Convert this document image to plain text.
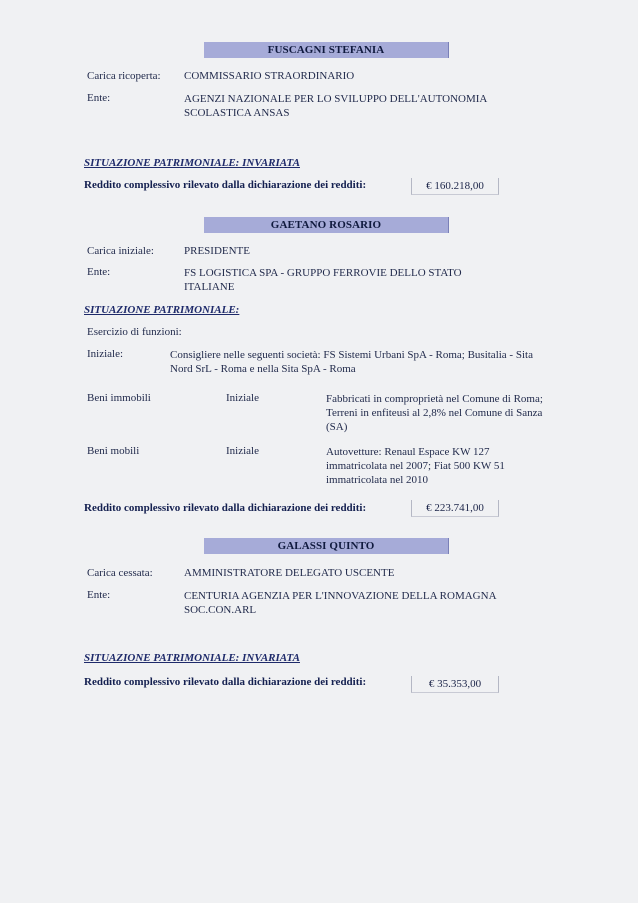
FUSCAGNI STEFANIA
Carica ricoperta: COMMISSARIO STRAORDINARIO
Ente:	AGENZI NAZIONALE PER LO SVILUPPO DELL'AUTONOMIA SCOLASTICA ANSAS
SITUAZIONE PATRIMONIALE: INVARIATA
Reddito complessivo rilevato dalla dichiarazione dei redditi:	€ 160.218,00
GAETANO ROSARIO
Carica iniziale:	PRESIDENTE
Ente:	FS LOGISTICA SPA - GRUPPO FERROVIE DELLO STATO ITALIANE
SITUAZIONE PATRIMONIALE:
Esercizio di funzioni:
Iniziale:	Consigliere nelle seguenti società: FS Sistemi Urbani SpA - Roma; Busitalia - Sita Nord SrL - Roma e nella Sita SpA - Roma
Beni immobili	Iniziale	Fabbricati in comproprietà nel Comune di Roma; Terreni in enfiteusi al 2,8% nel Comune di Sanza (SA)
Beni mobili	Iniziale	Autovetture: Renaul Espace KW 127 immatricolata nel 2007; Fiat 500 KW 51 immatricolata nel 2010
Reddito complessivo rilevato dalla dichiarazione dei redditi:	€ 223.741,00
GALASSI QUINTO
Carica cessata:	AMMINISTRATORE DELEGATO USCENTE
Ente:	CENTURIA AGENZIA PER L'INNOVAZIONE DELLA ROMAGNA SOC.CON.ARL
SITUAZIONE PATRIMONIALE: INVARIATA
Reddito complessivo rilevato dalla dichiarazione dei redditi:	€ 35.353,00
